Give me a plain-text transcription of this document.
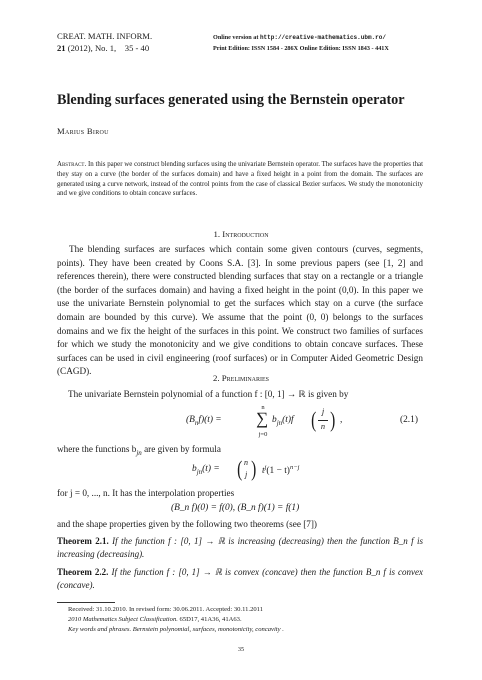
CREAT. MATH. INFORM.
21 (2012), No. 1, 35 - 40
Online version at http://creative-mathematics.ubm.ro/
Print Edition: ISSN 1584 - 286X Online Edition: ISSN 1843 - 441X
Blending surfaces generated using the Bernstein operator
Marius Birou
Abstract. In this paper we construct blending surfaces using the univariate Bernstein operator. The surfaces have the properties that they stay on a curve (the border of the surfaces domain) and have a fixed height in a point from the domain. The surfaces are generated using a curve network, instead of the control points from the case of classical Bezier surfaces. We study the monotonicity and we give conditions to obtain concave surfaces.
1. Introduction
The blending surfaces are surfaces which contain some given contours (curves, segments, points). They have been created by Coons S.A. [3]. In some previous papers (see [1, 2] and references therein), there were constructed blending surfaces that stay on a rectangle or a triangle (the border of the surfaces domain) and having a fixed height in the point (0,0). In this paper we use the univariate Bernstein polynomial to get the surfaces which stay on a curve (the surface domain are bounded by this curve). We assume that the point (0, 0) belongs to the surfaces domains and we fix the height of the surfaces in this point. We construct two families of surfaces for which we study the monotonicity and we give conditions to obtain concave surfaces. These surfaces can be used in civil engineering (roof surfaces) or in Computer Aided Geometric Design (CAGD).
2. Preliminaries
The univariate Bernstein polynomial of a function f : [0, 1] → ℝ is given by
$(B_nf)(t)$ =
n
∑
j=0
$b_{jn}(t)f$ ( j
n ) ,	(2.1)
where the functions $b_{jn}$ are given by formula
$b_{jn}(t)$ = ( n
j ) $t^j(1 - t)^{n-j}$
for j = 0, ..., n. It has the interpolation properties
(B_n f)(0) = f(0), (B_n f)(1) = f(1)
and the shape properties given by the following two theorems (see [7])
Theorem 2.1. If the function f : [0, 1] → ℝ is increasing (decreasing) then the function B_n f is increasing (decreasing).
Theorem 2.2. If the function f : [0, 1] → ℝ is convex (concave) then the function B_n f is convex (concave).
Received: 31.10.2010. In revised form: 30.06.2011. Accepted: 30.11.2011
2010 Mathematics Subject Classification. 65D17, 41A36, 41A63.
Key words and phrases. Bernstein polynomial, surfaces, monotonicity, concavity .
35
